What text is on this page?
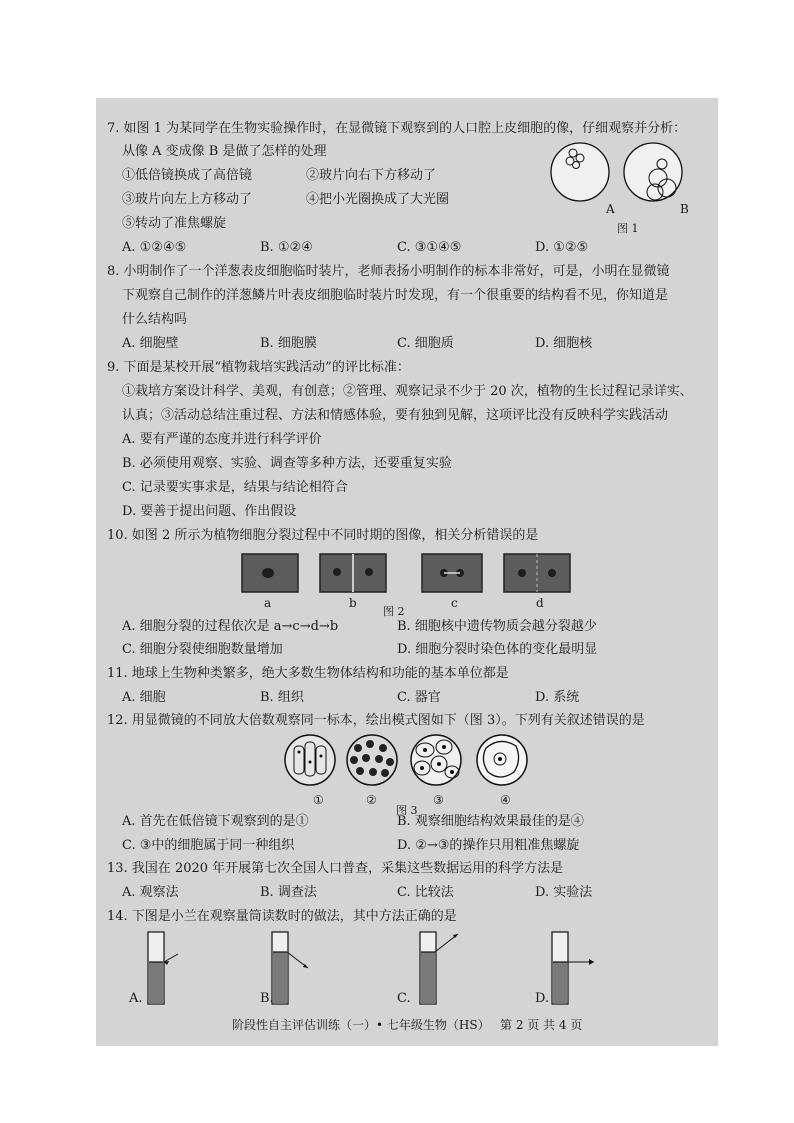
7. 如图 1 为某同学在生物实验操作时，在显微镜下观察到的人口腔上皮细胞的像，仔细观察并分析：
从像 A 变成像 B 是做了怎样的处理
①低倍镜换成了高倍镜	②玻片向右下方移动了
③玻片向左上方移动了	④把小光圈换成了大光圈
⑤转动了准焦螺旋
A. ①②④⑤	B. ①②④	C. ③①④⑤	D. ①②⑤
A	B
图 1
8. 小明制作了一个洋葱表皮细胞临时装片，老师表扬小明制作的标本非常好，可是，小明在显微镜
下观察自己制作的洋葱鳞片叶表皮细胞临时装片时发现，有一个很重要的结构看不见，你知道是
什么结构吗
A. 细胞壁	B. 细胞膜	C. 细胞质	D. 细胞核
9. 下面是某校开展“植物栽培实践活动”的评比标准：
①栽培方案设计科学、美观，有创意；②管理、观察记录不少于 20 次，植物的生长过程记录详实、
认真；③活动总结注重过程、方法和情感体验，要有独到见解，这项评比没有反映科学实践活动
A. 要有严谨的态度并进行科学评价
B. 必须使用观察、实验、调查等多种方法，还要重复实验
C. 记录要实事求是，结果与结论相符合
D. 要善于提出问题、作出假设
10. 如图 2 所示为植物细胞分裂过程中不同时期的图像，相关分析错误的是
a	b	c	d
图 2
A. 细胞分裂的过程依次是 a→c→d→b	B. 细胞核中遗传物质会越分裂越少
C. 细胞分裂使细胞数量增加	D. 细胞分裂时染色体的变化最明显
11. 地球上生物种类繁多，绝大多数生物体结构和功能的基本单位都是
A. 细胞	B. 组织	C. 器官	D. 系统
12. 用显微镜的不同放大倍数观察同一标本，绘出模式图如下（图 3）。下列有关叙述错误的是
①	②	③	④
图 3
A. 首先在低倍镜下观察到的是①	B. 观察细胞结构效果最佳的是④
C. ③中的细胞属于同一种组织	D. ②→③的操作只用粗准焦螺旋
13. 我国在 2020 年开展第七次全国人口普查，采集这些数据运用的科学方法是
A. 观察法	B. 调查法	C. 比较法	D. 实验法
14. 下图是小兰在观察量筒读数时的做法，其中方法正确的是
A.	B.	C.	D.
阶段性自主评估训练（一）• 七年级生物（HS） 第 2 页 共 4 页
